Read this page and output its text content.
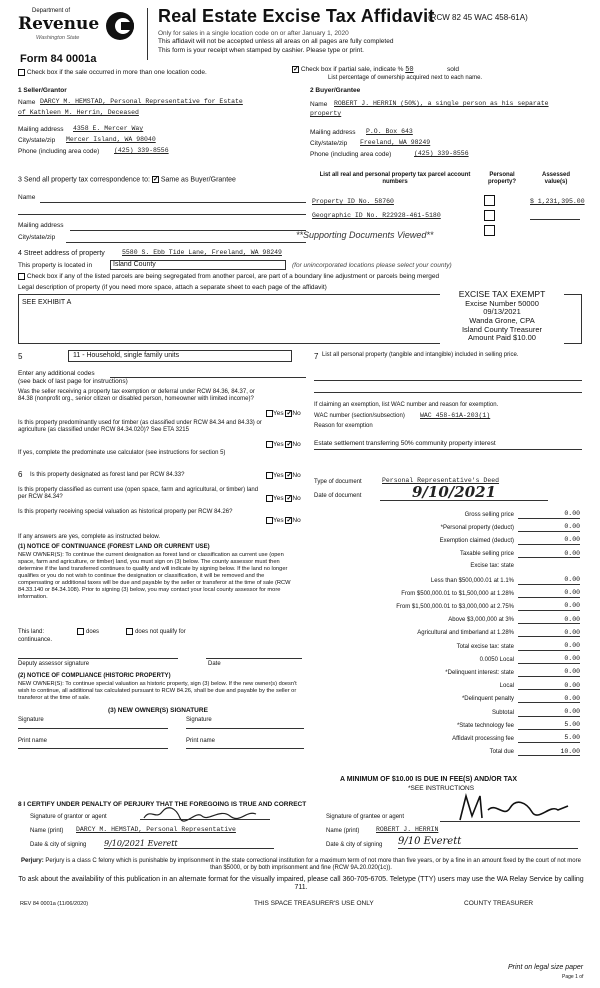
Department of
Revenue
Washington State
Form 84 0001a
Real Estate Excise Tax Affidavit
(RCW 82 45 WAC 458-61A)
Only for sales in a single location code on or after January 1, 2020
This affidavit will not be accepted unless all areas on all pages are fully completed
This form is your receipt when stamped by cashier. Please type or print.
Check box if the sale occurred in more than one location code.	✓ Check box if partial sale, indicate % 50	sold
List percentage of ownership acquired next to each name.
1 Seller/Grantor
Name DARCY M. HEMSTAD, Personal Representative for Estate
of Kathleen M. Herrin, Deceased
Mailing address 4358 E. Mercer Way
City/state/zip Mercer Island, WA 98040
Phone (including area code) (425) 339-8556
2 Buyer/Grantee
Name ROBERT J. HERRIN (50%), a single person as his separate
property
Mailing address P.O. Box 643
City/state/zip Freeland, WA 98249
Phone (including area code)	(425) 339-8556
3 Send all property tax correspondence to: ✓ Same as Buyer/Grantee
Name
Mailing address
City/state/zip	**Supporting Documents Viewed**
List all real and personal property tax parcel account numbers
Personal property?
Assessed value(s)
Property ID No. 58760	$ 1,231,395.00
Geographic ID No. R22928-461-5180
4 Street address of property	5580 S. Ebb Tide Lane, Freeland, WA 98249
This property is located in	Island County	(for unincorporated locations please select your county)
Check box if any of the listed parcels are being segregated from another parcel, are part of a boundary line adjustment or parcels being merged
Legal description of property (if you need more space, attach a separate sheet to each page of the affidavit)
SEE EXHIBIT A
EXCISE TAX EXEMPT
Excise Number 50000
09/13/2021
Wanda Grone, CPA
Island County Treasurer
Amount Paid $10.00
5	11 - Household, single family units
Enter any additional codes
(see back of last page for instructions)
Was the seller receiving a property tax exemption or deferral under RCW 84.36, 84.37, or 84.38 (nonprofit org., senior citizen or disabled person, homeowner with limited income)?
Yes ✓No
Is this property predominantly used for timber (as classified under RCW 84.34 and 84.33) or agriculture (as classified under RCW 84.34.020)? See ETA 3215
Yes ✓No
If yes, complete the predominate use calculator (see instructions for section 5)
6 Is this property designated as forest land per RCW 84.33?	Yes ✓No
Is this property classified as current use (open space, farm and agricultural, or timber) land per RCW 84.34?	Yes ✓No
Is this property receiving special valuation as historical property per RCW 84.26?
Yes ✓No
If any answers are yes, complete as instructed below.
(1) NOTICE OF CONTINUANCE (FOREST LAND OR CURRENT USE)
NEW OWNER(S): To continue the current designation as forest land or classification as current use (open space, farm and agriculture, or timber) land, you must sign on (3) below. The county assessor must then determine if the land transferred continues to qualify and will indicate by signing below. If the land no longer qualifies or you do not wish to continue the designation or classification, it will be removed and the compensating or additional taxes will be due and payable by the seller or transferor at the time of sale (RCW 84.33.140 or 84.34.108). Prior to signing (3) below, you may contact your local county assessor for more information.
This land:	does	does not qualify for
continuance.
Deputy assessor signature	Date
(2) NOTICE OF COMPLIANCE (HISTORIC PROPERTY)
NEW OWNER(S): To continue special valuation as historic property, sign (3) below. If the new owner(s) doesn't wish to continue, all additional tax calculated pursuant to RCW 84.26, shall be due and payable by the seller or transferor at the time of sale.
(3) NEW OWNER(S) SIGNATURE
Signature	Signature
Print name	Print name
7 List all personal property (tangible and intangible) included in selling price.
If claiming an exemption, list WAC number and reason for exemption.
WAC number (section/subsection) WAC 458-61A-203(1)
Reason for exemption
Estate settlement transferring 50% community property interest
Type of document	Personal Representative's Deed
Date of document	9/10/2021
Gross selling price	0.00
*Personal property (deduct)	0.00
Exemption claimed (deduct)	0.00
Taxable selling price	0.00
Excise tax: state
Less than $500,000.01 at 1.1%	0.00
From $500,000.01 to $1,500,000 at 1.28%	0.00
From $1,500,000.01 to $3,000,000 at 2.75%	0.00
Above $3,000,000 at 3%	0.00
Agricultural and timberland at 1.28%	0.00
Total excise tax: state	0.00
0.0050 Local	0.00
*Delinquent interest: state	0.00
Local	0.00
*Delinquent penalty	0.00
Subtotal	0.00
*State technology fee	5.00
Affidavit processing fee	5.00
Total due	10.00
A MINIMUM OF $10.00 IS DUE IN FEE(S) AND/OR TAX
*SEE INSTRUCTIONS
8 I CERTIFY UNDER PENALTY OF PERJURY THAT THE FOREGOING IS TRUE AND CORRECT
Signature of grantor or agent
Name (print) DARCY M. HEMSTAD, Personal Representative
Date & city of signing 9/10/2021 Everett
Signature of grantee or agent
Name (print)	ROBERT J. HERRIN
Date & city of signing 9/10 Everett
Perjury: Perjury is a class C felony which is punishable by imprisonment in the state correctional institution for a maximum term of not more than five years, or by a fine in an amount fixed by the court of not more than $5000, or by both imprisonment and fine (RCW 9A.20.020(1c)).
To ask about the availability of this publication in an alternate format for the visually impaired, please call 360-705-6705. Teletype (TTY) users may use the WA Relay Service by calling 711.
REV 84 0001a (11/06/2020)	THIS SPACE TREASURER'S USE ONLY	COUNTY TREASURER
Print on legal size paper
Page 1 of
